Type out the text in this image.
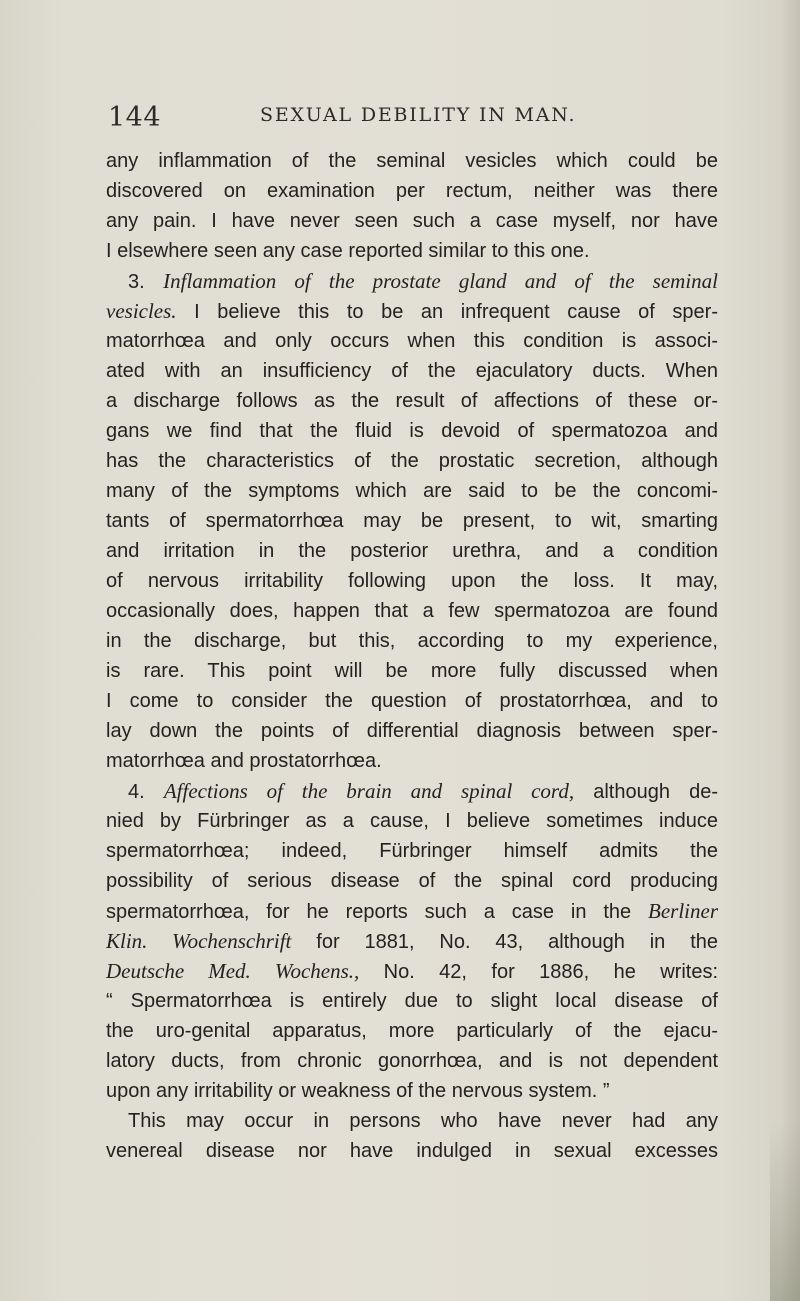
144	SEXUAL DEBILITY IN MAN.
any inflammation of the seminal vesicles which could be
discovered on examination per rectum, neither was there
any pain. I have never seen such a case myself, nor have
I elsewhere seen any case reported similar to this one.
3. Inflammation of the prostate gland and of the seminal
vesicles. I believe this to be an infrequent cause of sper-
matorrhœa and only occurs when this condition is associ-
ated with an insufficiency of the ejaculatory ducts. When
a discharge follows as the result of affections of these or-
gans we find that the fluid is devoid of spermatozoa and
has the characteristics of the prostatic secretion, although
many of the symptoms which are said to be the concomi-
tants of spermatorrhœa may be present, to wit, smarting
and irritation in the posterior urethra, and a condition
of nervous irritability following upon the loss. It may,
occasionally does, happen that a few spermatozoa are found
in the discharge, but this, according to my experience,
is rare. This point will be more fully discussed when
I come to consider the question of prostatorrhœa, and to
lay down the points of differential diagnosis between sper-
matorrhœa and prostatorrhœa.
4. Affections of the brain and spinal cord, although de-
nied by Fürbringer as a cause, I believe sometimes induce
spermatorrhœa; indeed, Fürbringer himself admits the
possibility of serious disease of the spinal cord producing
spermatorrhœa, for he reports such a case in the Berliner
Klin. Wochenschrift for 1881, No. 43, although in the
Deutsche Med. Wochens., No. 42, for 1886, he writes:
“ Spermatorrhœa is entirely due to slight local disease of
the uro-genital apparatus, more particularly of the ejacu-
latory ducts, from chronic gonorrhœa, and is not dependent
upon any irritability or weakness of the nervous system. ”
This may occur in persons who have never had any
venereal disease nor have indulged in sexual excesses
